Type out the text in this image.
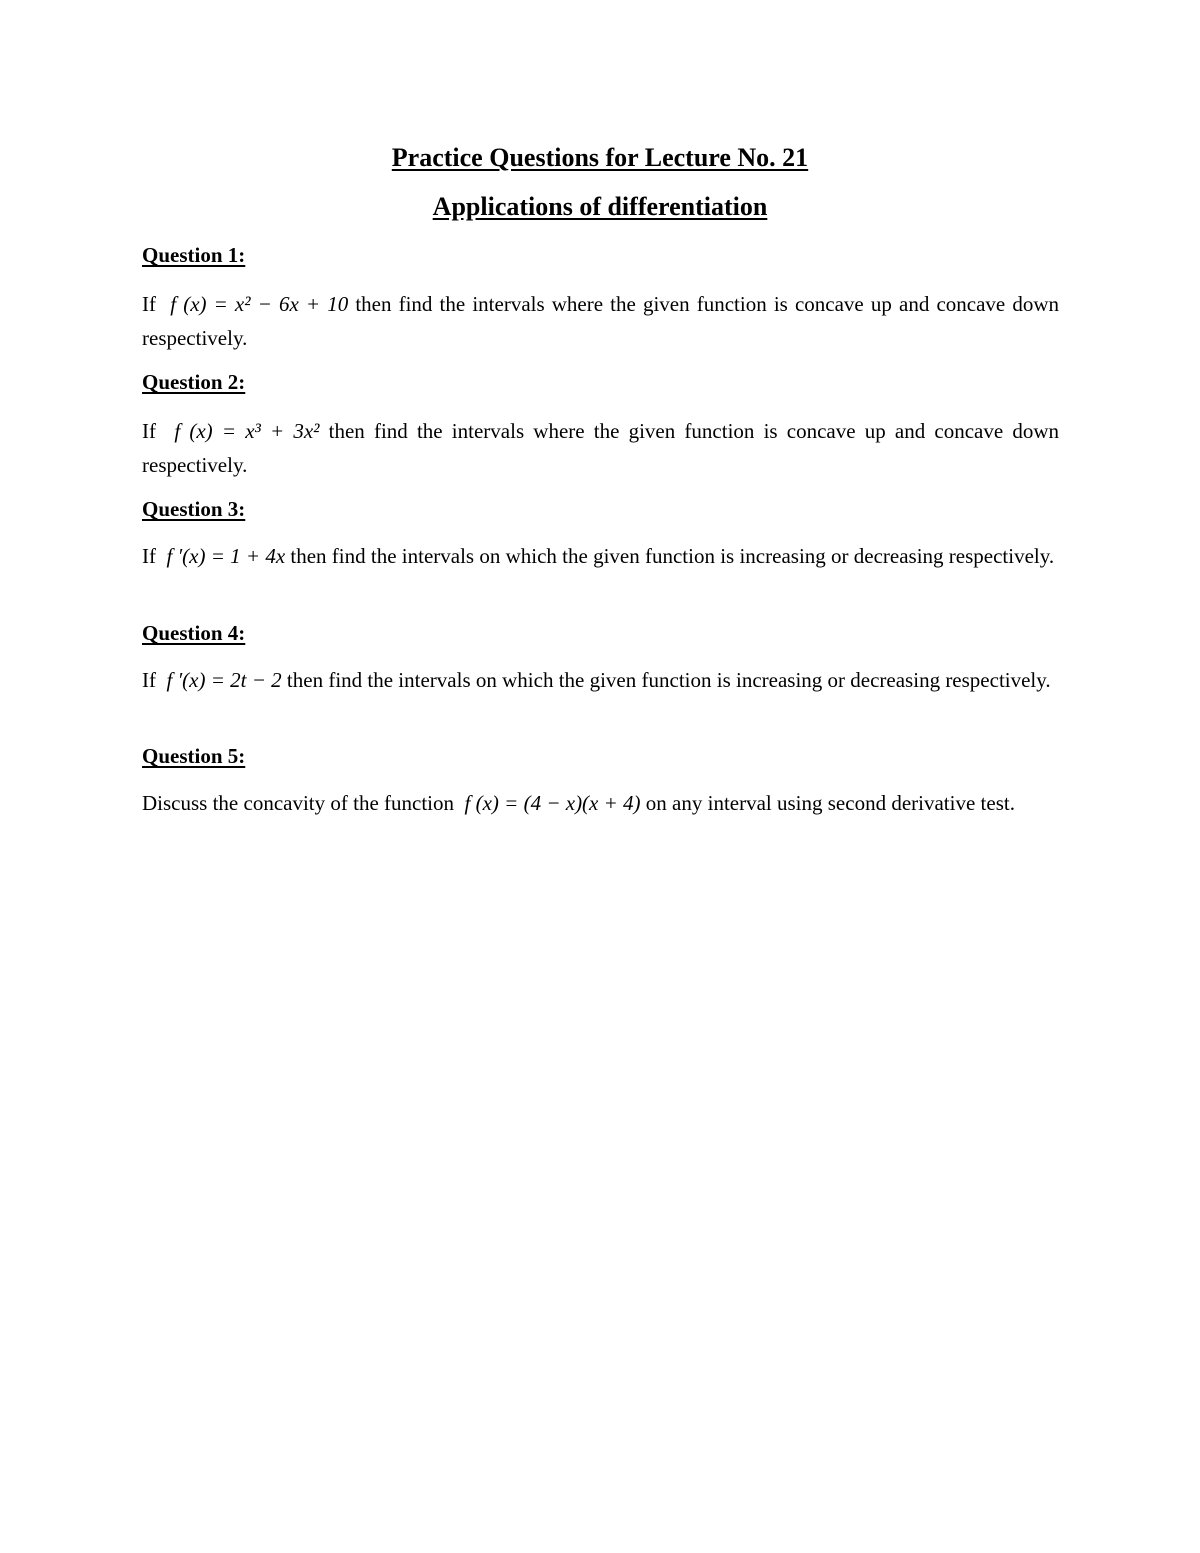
Practice Questions for Lecture No. 21
Applications of differentiation
Question 1:
If f (x) = x² − 6x + 10 then find the intervals where the given function is concave up and concave down respectively.
Question 2:
If f (x) = x³ + 3x² then find the intervals where the given function is concave up and concave down respectively.
Question 3:
If f ′(x) = 1 + 4x then find the intervals on which the given function is increasing or decreasing respectively.
Question 4:
If f ′(x) = 2t − 2 then find the intervals on which the given function is increasing or decreasing respectively.
Question 5:
Discuss the concavity of the function f (x) = (4 − x)(x + 4) on any interval using second derivative test.
